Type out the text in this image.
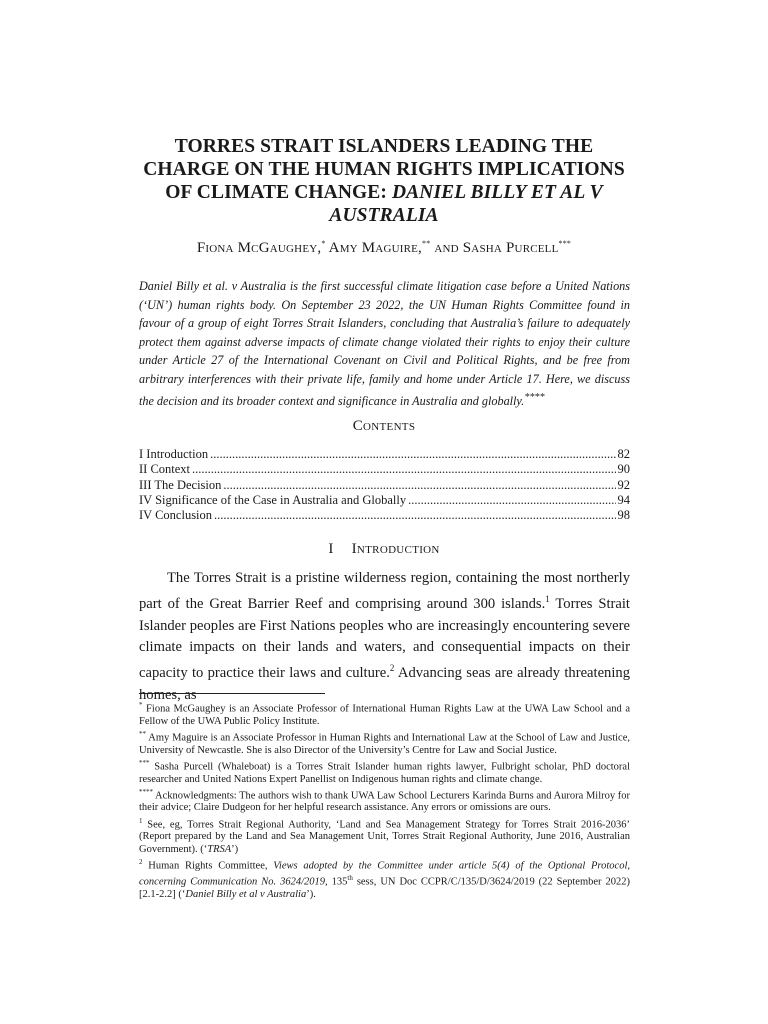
TORRES STRAIT ISLANDERS LEADING THE CHARGE ON THE HUMAN RIGHTS IMPLICATIONS OF CLIMATE CHANGE: DANIEL BILLY ET AL V AUSTRALIA
Fiona McGaughey,* Amy Maguire,** and Sasha Purcell***

Daniel Billy et al. v Australia is the first successful climate litigation case before a United Nations (‘UN’) human rights body. On September 23 2022, the UN Human Rights Committee found in favour of a group of eight Torres Strait Islanders, concluding that Australia’s failure to adequately protect them against adverse impacts of climate change violated their rights to enjoy their culture under Article 27 of the International Covenant on Civil and Political Rights, and be free from arbitrary interferences with their private life, family and home under Article 17. Here, we discuss the decision and its broader context and significance in Australia and globally.****

Contents
I Introduction .....	82
II Context .....	90
III The Decision .....	92
IV Significance of the Case in Australia and Globally .....	94
IV Conclusion .....	98
I Introduction

The Torres Strait is a pristine wilderness region, containing the most northerly part of the Great Barrier Reef and comprising around 300 islands.$^1$ Torres Strait Islander peoples are First Nations peoples who are increasingly encountering severe climate impacts on their lands and waters, and consequential impacts on their capacity to practice their laws and culture.$^2$ Advancing seas are already threatening homes, as

* Fiona McGaughey is an Associate Professor of International Human Rights Law at the UWA Law School and a Fellow of the UWA Public Policy Institute.

** Amy Maguire is an Associate Professor in Human Rights and International Law at the School of Law and Justice, University of Newcastle. She is also Director of the University’s Centre for Law and Social Justice.

*** Sasha Purcell (Whaleboat) is a Torres Strait Islander human rights lawyer, Fulbright scholar, PhD doctoral researcher and United Nations Expert Panellist on Indigenous human rights and climate change.

**** Acknowledgments: The authors wish to thank UWA Law School Lecturers Karinda Burns and Aurora Milroy for their advice; Claire Dudgeon for her helpful research assistance. Any errors or omissions are ours.

$^1$ See, eg, Torres Strait Regional Authority, ‘Land and Sea Management Strategy for Torres Strait 2016-2036’ (Report prepared by the Land and Sea Management Unit, Torres Strait Regional Authority, June 2016, Australian Government). (‘TRSA’)

$^2$ Human Rights Committee, Views adopted by the Committee under article 5(4) of the Optional Protocol, concerning Communication No. 3624/2019, 135th sess, UN Doc CCPR/C/135/D/3624/2019 (22 September 2022) [2.1-2.2] (‘Daniel Billy et al v Australia’).
